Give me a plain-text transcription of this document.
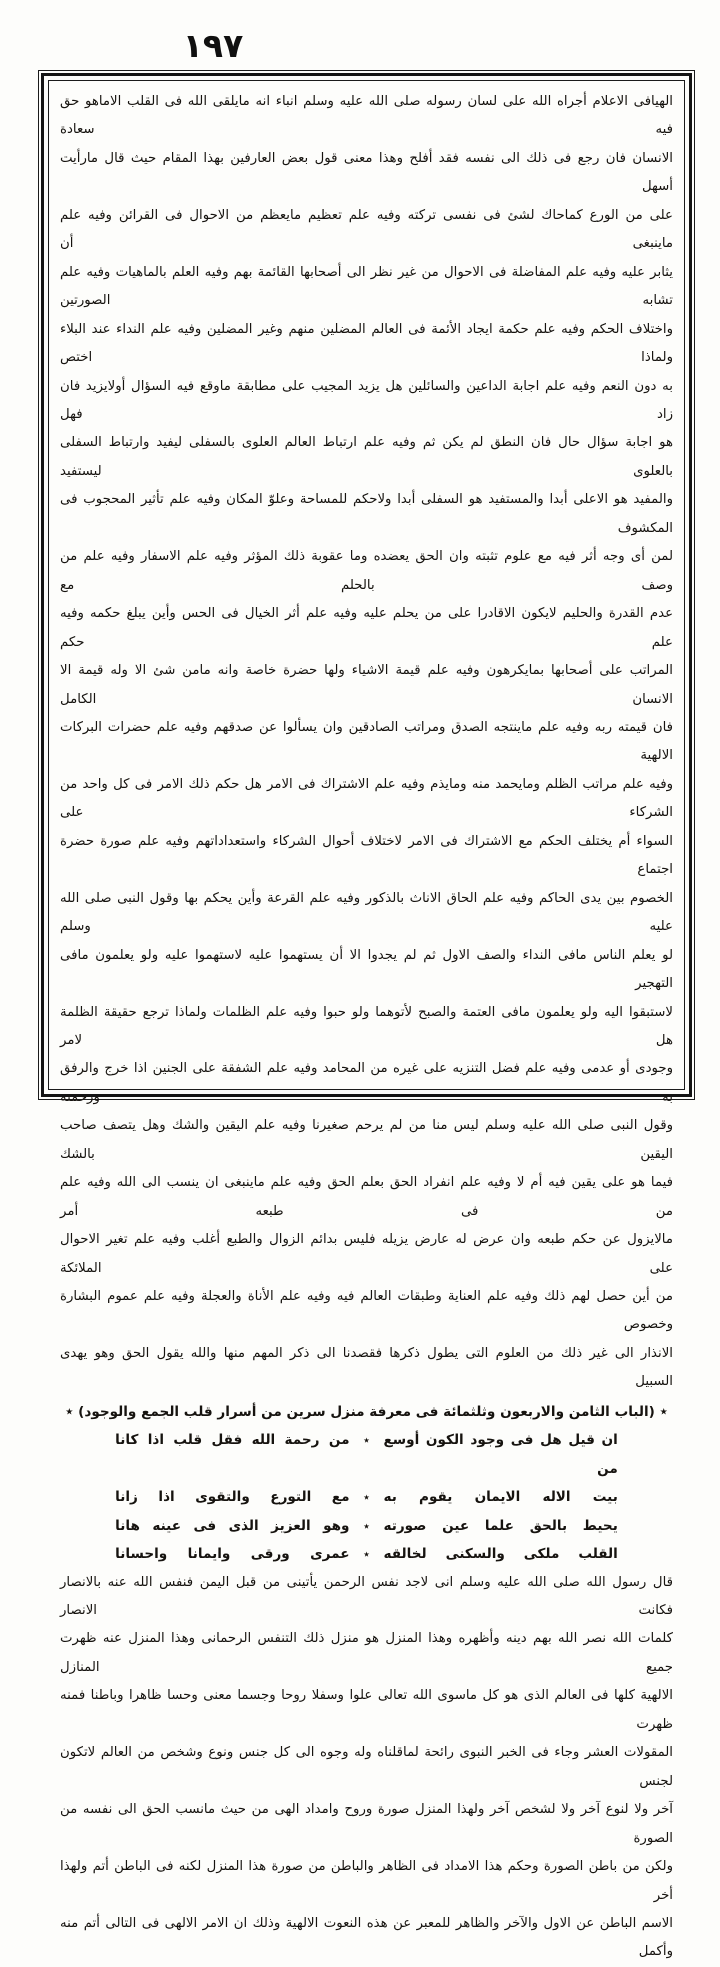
١٩٧
الهيافى الاعلام أجراه الله على لسان رسوله صلى الله عليه وسلم انباء انه مايلقى الله فى القلب الاماهو حق فيه سعادة
الانسان فان رجع فى ذلك الى نفسه فقد أفلح وهذا معنى قول بعض العارفين بهذا المقام حيث قال مارأيت أسهل
على من الورع كماحاك لشئ فى نفسى تركته وفيه علم تعظيم مايعظم من الاحوال فى القرائن وفيه علم ماينبغى أن
يثابر عليه وفيه علم المفاضلة فى الاحوال من غير نظر الى أصحابها القائمة بهم وفيه العلم بالماهيات وفيه علم تشابه الصورتين
واختلاف الحكم وفيه علم حكمة ايجاد الأئمة فى العالم المضلين منهم وغير المضلين وفيه علم النداء عند البلاء ولماذا اختص
به دون النعم وفيه علم اجابة الداعين والسائلين هل يزيد المجيب على مطابقة ماوقع فيه السؤال أولايزيد فان زاد فهل
هو اجابة سؤال حال فان النطق لم يكن ثم وفيه علم ارتباط العالم العلوى بالسفلى ليفيد وارتباط السفلى بالعلوى ليستفيد
والمفيد هو الاعلى أبدا والمستفيد هو السفلى أبدا ولاحكم للمساحة وعلوّ المكان وفيه علم تأثير المحجوب فى المكشوف
لمن أى وجه أثر فيه مع علوم تثبته وان الحق يعضده وما عقوبة ذلك المؤثر وفيه علم الاسفار وفيه علم من وصف بالحلم مع
عدم القدرة والحليم لايكون الاقادرا على من يحلم عليه وفيه علم أثر الخيال فى الحس وأين يبلغ حكمه وفيه علم حكم
المراتب على أصحابها بمايكرهون وفيه علم قيمة الاشياء ولها حضرة خاصة وانه مامن شئ الا وله قيمة الا الانسان الكامل
فان قيمته ربه وفيه علم ماينتجه الصدق ومراتب الصادقين وان يسألوا عن صدقهم وفيه علم حضرات البركات الالهية
وفيه علم مراتب الظلم ومايحمد منه ومايذم وفيه علم الاشتراك فى الامر هل حكم ذلك الامر فى كل واحد من الشركاء على
السواء أم يختلف الحكم مع الاشتراك فى الامر لاختلاف أحوال الشركاء واستعداداتهم وفيه علم صورة حضرة اجتماع
الخصوم بين يدى الحاكم وفيه علم الحاق الاناث بالذكور وفيه علم القرعة وأين يحكم بها وقول النبى صلى الله عليه وسلم
لو يعلم الناس مافى النداء والصف الاول ثم لم يجدوا الا أن يستهموا عليه لاستهموا عليه ولو يعلمون مافى التهجير
لاستبقوا اليه ولو يعلمون مافى العتمة والصبح لأتوهما ولو حبوا وفيه علم الظلمات ولماذا ترجع حقيقة الظلمة هل لامر
وجودى أو عدمى وفيه علم فضل التنزيه على غيره من المحامد وفيه علم الشفقة على الجنين اذا خرج والرفق به ورحمته
وقول النبى صلى الله عليه وسلم ليس منا من لم يرحم صغيرنا وفيه علم اليقين والشك وهل يتصف صاحب اليقين بالشك
فيما هو على يقين فيه أم لا وفيه علم انفراد الحق بعلم الحق وفيه علم ماينبغى ان ينسب الى الله وفيه علم من فى طبعه أمر
مالايزول عن حكم طبعه وان عرض له عارض يزيله فليس بدائم الزوال والطبع أغلب وفيه علم تغير الاحوال على الملائكة
من أين حصل لهم ذلك وفيه علم العناية وطبقات العالم فيه وفيه علم الأناة والعجلة وفيه علم عموم البشارة وخصوص
الانذار الى غير ذلك من العلوم التى يطول ذكرها فقصدنا الى ذكر المهم منها والله يقول الحق وهو يهدى السبيل
٭ (الباب الثامن والاربعون وثلثمائة فى معرفة منزل سرين من أسرار قلب الجمع والوجود) ٭
ان قيل هل فى وجود الكون أوسع من
٭
من رحمة الله فقل قلب اذا كانا
بيت الاله الايمان يقوم به
٭
مع التورع والتقوى اذا زانا
يحيط بالحق علما عين صورته
٭
وهو العزيز الذى فى عينه هانا
القلب ملكى والسكنى لخالقه
٭
عمرى ورقى وايمانا واحسانا
قال رسول الله صلى الله عليه وسلم انى لاجد نفس الرحمن يأتينى من قبل اليمن فنفس الله عنه بالانصار فكانت الانصار
كلمات الله نصر الله بهم دينه وأظهره وهذا المنزل هو منزل ذلك التنفس الرحمانى وهذا المنزل عنه ظهرت جميع المنازل
الالهية كلها فى العالم الذى هو كل ماسوى الله تعالى علوا وسفلا روحا وجسما معنى وحسا ظاهرا وباطنا فمنه ظهرت
المقولات العشر وجاء فى الخبر النبوى رائحة لماقلناه وله وجوه الى كل جنس ونوع وشخص من العالم لاتكون لجنس
آخر ولا لنوع آخر ولا لشخص آخر ولهذا المنزل صورة وروح وامداد الهى من حيث مانسب الحق الى نفسه من الصورة
ولكن من باطن الصورة وحكم هذا الامداد فى الظاهر والباطن من صورة هذا المنزل لكنه فى الباطن أتم ولهذا أخر
الاسم الباطن عن الاول والآخر والظاهر للمعبر عن هذه النعوت الالهية وذلك ان الامر الالهى فى التالى أتم منه وأكمل
